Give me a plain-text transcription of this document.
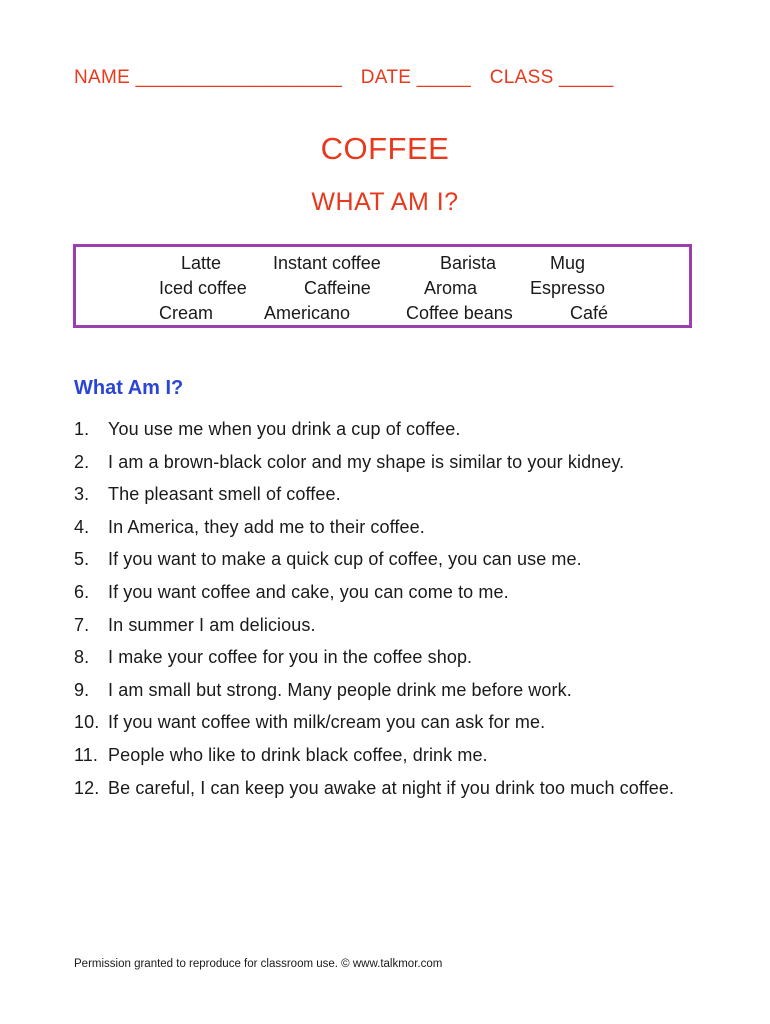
NAME ___________________ DATE _____ CLASS _____
COFFEE
WHAT AM I?
Latte	Instant coffee	Barista	Mug
Iced coffee	Caffeine	Aroma	Espresso
Cream	Americano	Coffee beans	Café
What Am I?
1. You use me when you drink a cup of coffee.
2. I am a brown-black color and my shape is similar to your kidney.
3. The pleasant smell of coffee.
4. In America, they add me to their coffee.
5. If you want to make a quick cup of coffee, you can use me.
6. If you want coffee and cake, you can come to me.
7. In summer I am delicious.
8. I make your coffee for you in the coffee shop.
9. I am small but strong. Many people drink me before work.
10. If you want coffee with milk/cream you can ask for me.
11. People who like to drink black coffee, drink me.
12. Be careful, I can keep you awake at night if you drink too much coffee.
Permission granted to reproduce for classroom use. © www.talkmor.com
